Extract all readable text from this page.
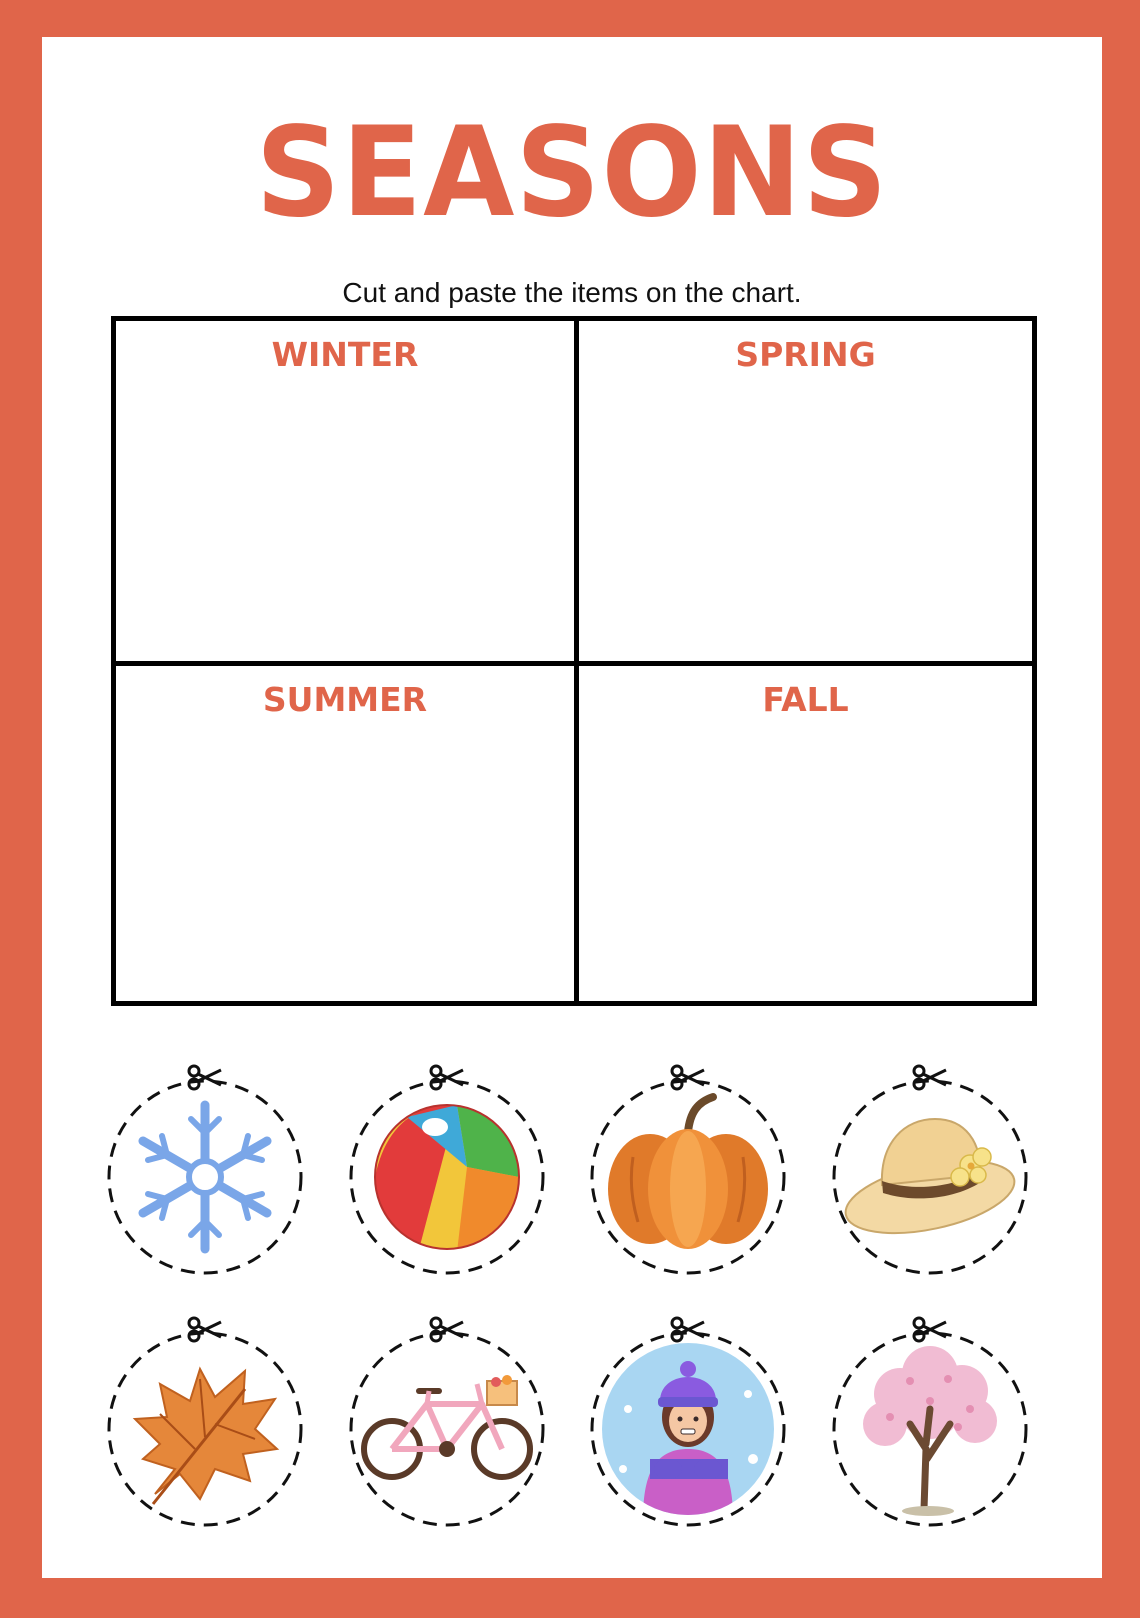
SEASONS
Cut and paste the items on the chart.
WINTER	SPRING
SUMMER	FALL
